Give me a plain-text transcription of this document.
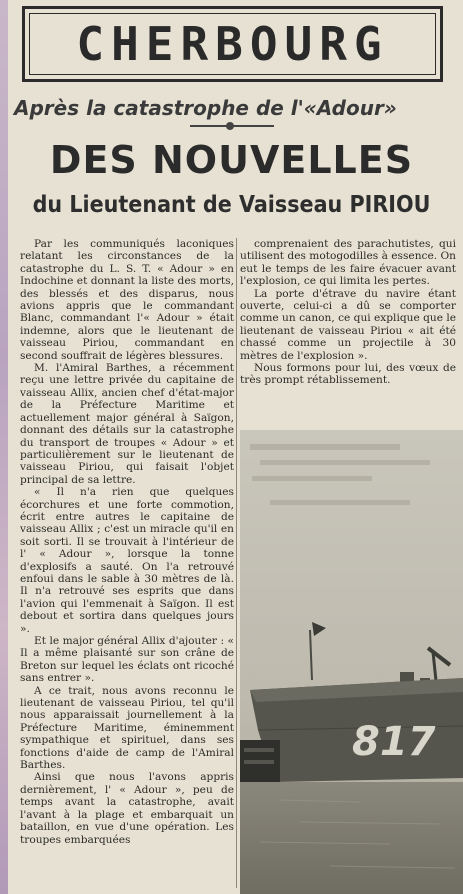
CHERBOURG
Après la catastrophe de l'«Adour»
DES NOUVELLES
du Lieutenant de Vaisseau PIRIOU

Par les communiqués laconiques relatant les circonstances de la catastrophe du L. S. T. « Adour » en Indochine et donnant la liste des morts, des blessés et des disparus, nous avions appris que le commandant Blanc, commandant l'« Adour » était indemne, alors que le lieutenant de vaisseau Piriou, commandant en second souffrait de légères blessures.

M. l'Amiral Barthes, a récemment reçu une lettre privée du capitaine de vaisseau Allix, ancien chef d'état-major de la Préfecture Maritime et actuellement major général à Saïgon, donnant des détails sur la catastrophe du transport de troupes « Adour » et particulièrement sur le lieutenant de vaisseau Piriou, qui faisait l'objet principal de sa lettre.

« Il n'a rien que quelques écorchures et une forte commotion, écrit entre autres le capitaine de vaisseau Allix ; c'est un miracle qu'il en soit sorti. Il se trouvait à l'intérieur de l' « Adour », lorsque la tonne d'explosifs a sauté. On l'a retrouvé enfoui dans le sable à 30 mètres de là. Il n'a retrouvé ses esprits que dans l'avion qui l'emmenait à Saïgon. Il est debout et sortira dans quelques jours ».

Et le major général Allix d'ajouter : « Il a même plaisanté sur son crâne de Breton sur lequel les éclats ont ricoché sans entrer ».

A ce trait, nous avons reconnu le lieutenant de vaisseau Piriou, tel qu'il nous apparaissait journellement à la Préfecture Maritime, éminemment sympathique et spirituel, dans ses fonctions d'aide de camp de l'Amiral Barthes.

Ainsi que nous l'avons appris dernièrement, l' « Adour », peu de temps avant la catastrophe, avait l'avant à la plage et embarquait un bataillon, en vue d'une opération. Les troupes embarquées

comprenaient des parachutistes, qui utilisent des motogodilles à essence. On eut le temps de les faire évacuer avant l'explosion, ce qui limita les pertes.

La porte d'étrave du navire étant ouverte, celui-ci a dû se comporter comme un canon, ce qui explique que le lieutenant de vaisseau Piriou « ait été chassé comme un projectile à 30 mètres de l'explosion ».

Nous formons pour lui, des vœux de très prompt rétablissement.

817
